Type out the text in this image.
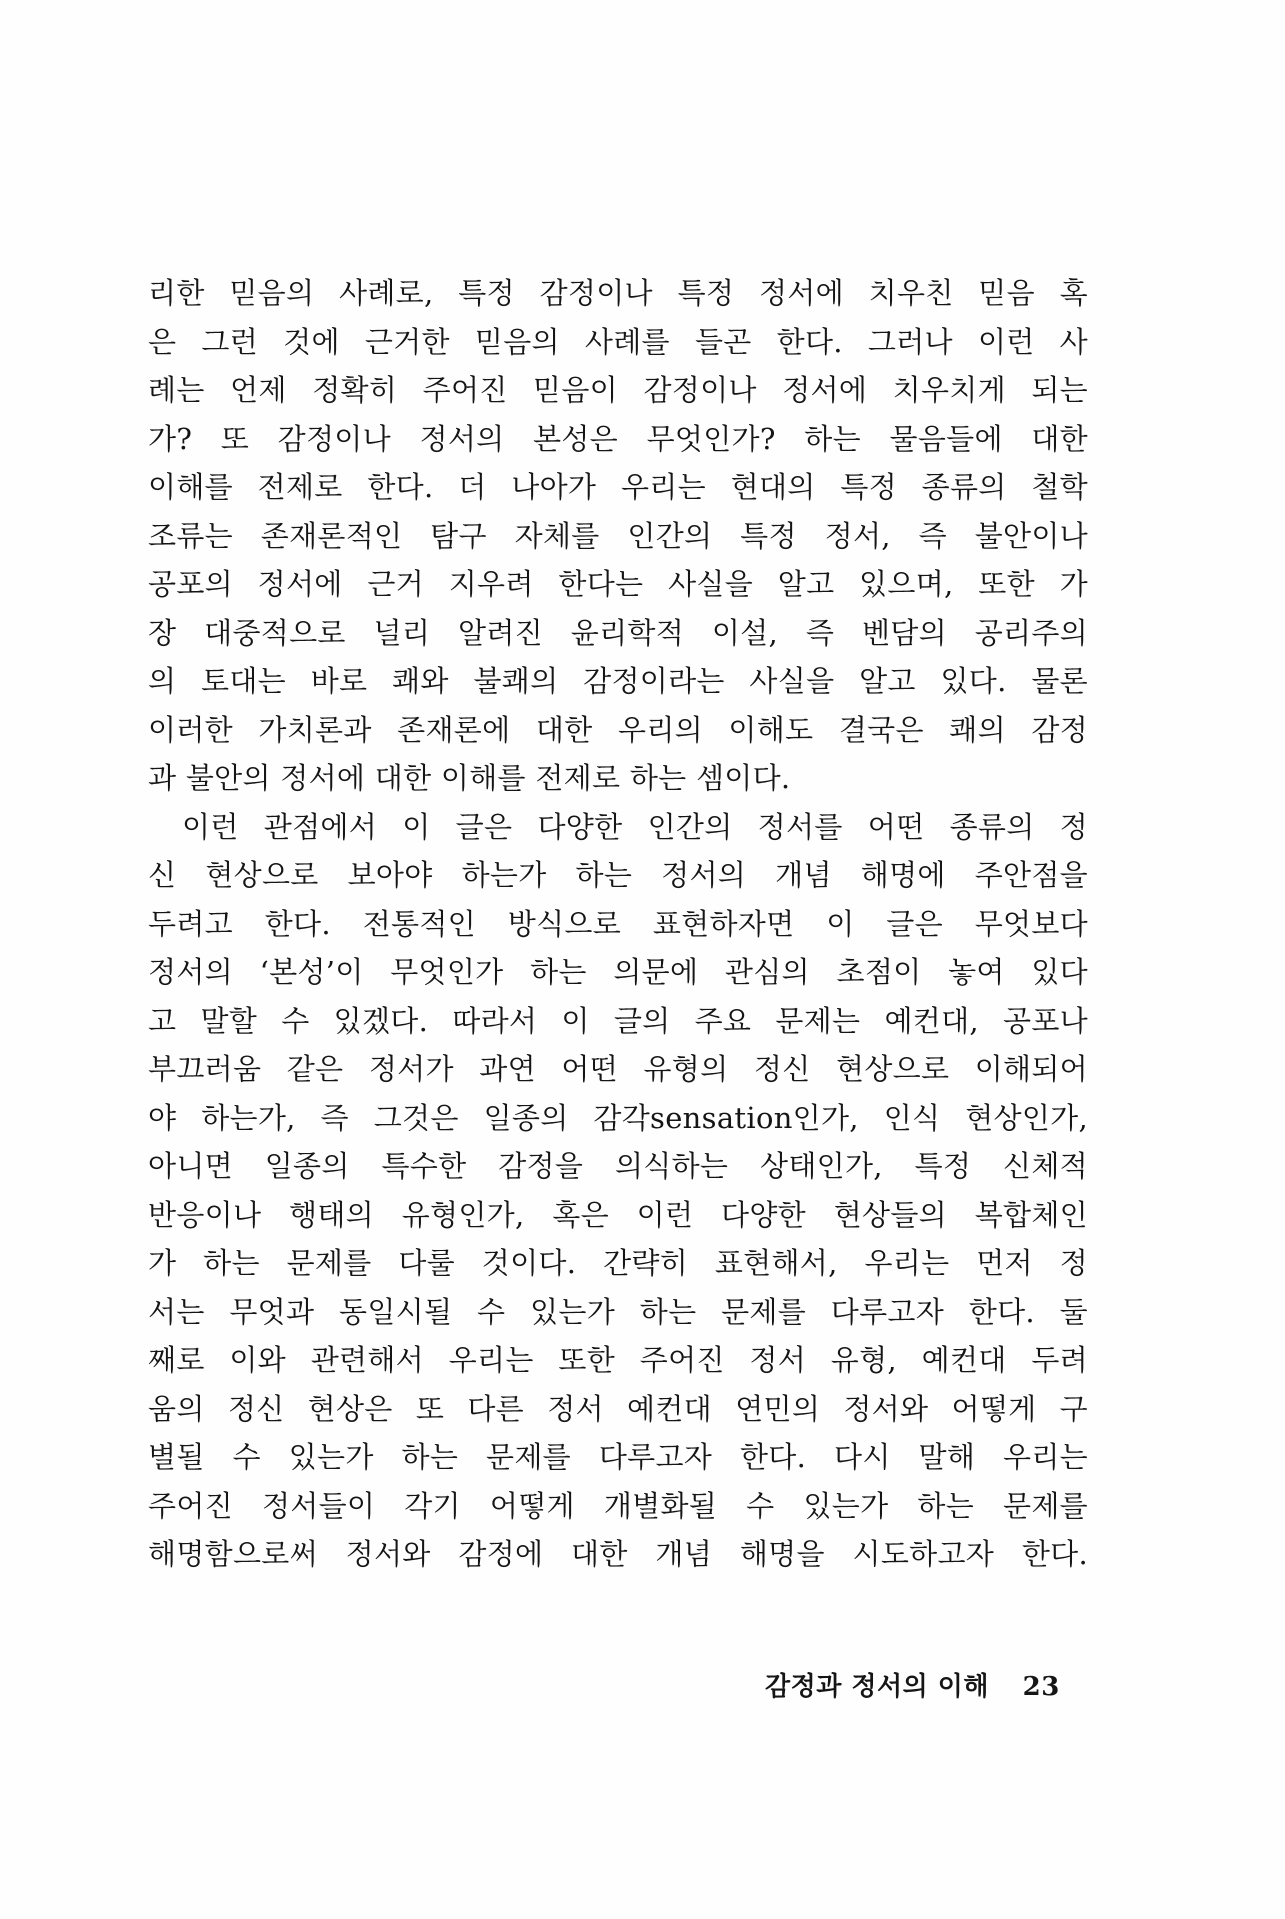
리한 믿음의 사례로, 특정 감정이나 특정 정서에 치우친 믿음 혹
은 그런 것에 근거한 믿음의 사례를 들곤 한다. 그러나 이런 사
례는 언제 정확히 주어진 믿음이 감정이나 정서에 치우치게 되는
가? 또 감정이나 정서의 본성은 무엇인가? 하는 물음들에 대한
이해를 전제로 한다. 더 나아가 우리는 현대의 특정 종류의 철학
조류는 존재론적인 탐구 자체를 인간의 특정 정서, 즉 불안이나
공포의 정서에 근거 지우려 한다는 사실을 알고 있으며, 또한 가
장 대중적으로 널리 알려진 윤리학적 이설, 즉 벤담의 공리주의
의 토대는 바로 쾌와 불쾌의 감정이라는 사실을 알고 있다. 물론
이러한 가치론과 존재론에 대한 우리의 이해도 결국은 쾌의 감정
과 불안의 정서에 대한 이해를 전제로 하는 셈이다.
이런 관점에서 이 글은 다양한 인간의 정서를 어떤 종류의 정
신 현상으로 보아야 하는가 하는 정서의 개념 해명에 주안점을
두려고 한다. 전통적인 방식으로 표현하자면 이 글은 무엇보다
정서의 ‘본성’이 무엇인가 하는 의문에 관심의 초점이 놓여 있다
고 말할 수 있겠다. 따라서 이 글의 주요 문제는 예컨대, 공포나
부끄러움 같은 정서가 과연 어떤 유형의 정신 현상으로 이해되어
야 하는가, 즉 그것은 일종의 감각sensation인가, 인식 현상인가,
아니면 일종의 특수한 감정을 의식하는 상태인가, 특정 신체적
반응이나 행태의 유형인가, 혹은 이런 다양한 현상들의 복합체인
가 하는 문제를 다룰 것이다. 간략히 표현해서, 우리는 먼저 정
서는 무엇과 동일시될 수 있는가 하는 문제를 다루고자 한다. 둘
째로 이와 관련해서 우리는 또한 주어진 정서 유형, 예컨대 두려
움의 정신 현상은 또 다른 정서 예컨대 연민의 정서와 어떻게 구
별될 수 있는가 하는 문제를 다루고자 한다. 다시 말해 우리는
주어진 정서들이 각기 어떻게 개별화될 수 있는가 하는 문제를
해명함으로써 정서와 감정에 대한 개념 해명을 시도하고자 한다.
감정과 정서의 이해 23
